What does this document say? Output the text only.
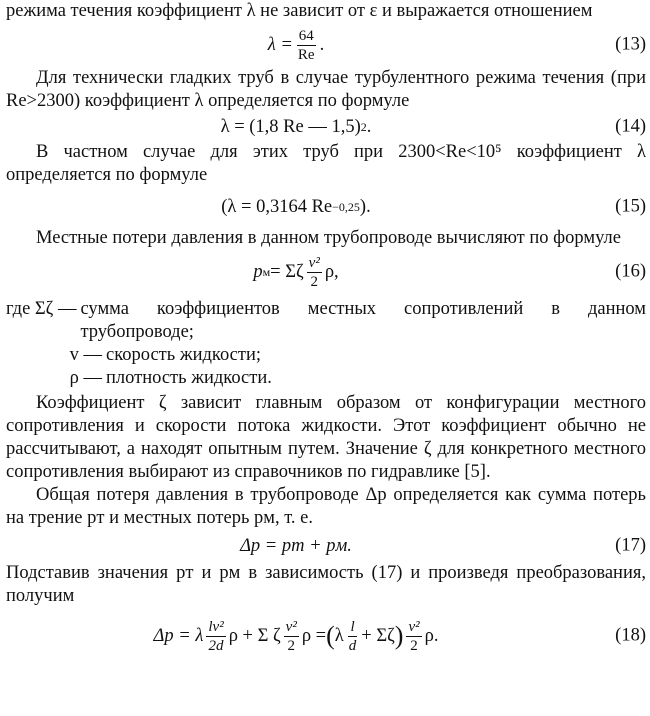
режима течения коэффициент λ не зависит от ε и выражается отношением

$\lambda = \frac{64}{Re}$ .	(13)

Для технически гладких труб в случае турбулентного режима течения (при Re>2300) коэффициент λ определяется по формуле

λ = (1,8 Re — 1,5) 2 .	(14)

В частном случае для этих труб при 2300<Re<10⁵ коэффициент λ определяется по формуле

(λ = 0,3164 Re −0,25 ).	(15)

Местные потери давления в данном трубопроводе вычисляют по формуле

p м = Σζ $\frac{\text{v²}}{2} \rho$,	(16)
где Σζ — сумма коэффициентов местных сопротивлений в данном трубопроводе;
v — скорость жидкости;
ρ — плотность жидкости.

Коэффициент ζ зависит главным образом от конфигурации местного сопротивления и скорости потока жидкости. Этот коэффициент обычно не рассчитывают, а находят опытным путем. Значение ζ для конкретного местного сопротивления выбирают из справочников по гидравлике [5].

Общая потеря давления в трубопроводе Δp определяется как сумма потерь на трение pт и местных потерь pм, т. е.

Δp = pт + pм.	(17)

Подставив значения pт и pм в зависимость (17) и произведя преобразования, получим

Δp = λ $\frac{\text{lv²}}{2d}$ ρ + Σ ζ $\frac{\text{v²}}{2}$ ρ = ( λ $\frac{l}{d} + \Sigma\zeta$ ) $\frac{\text{v²}}{2} \rho$.	(18)
